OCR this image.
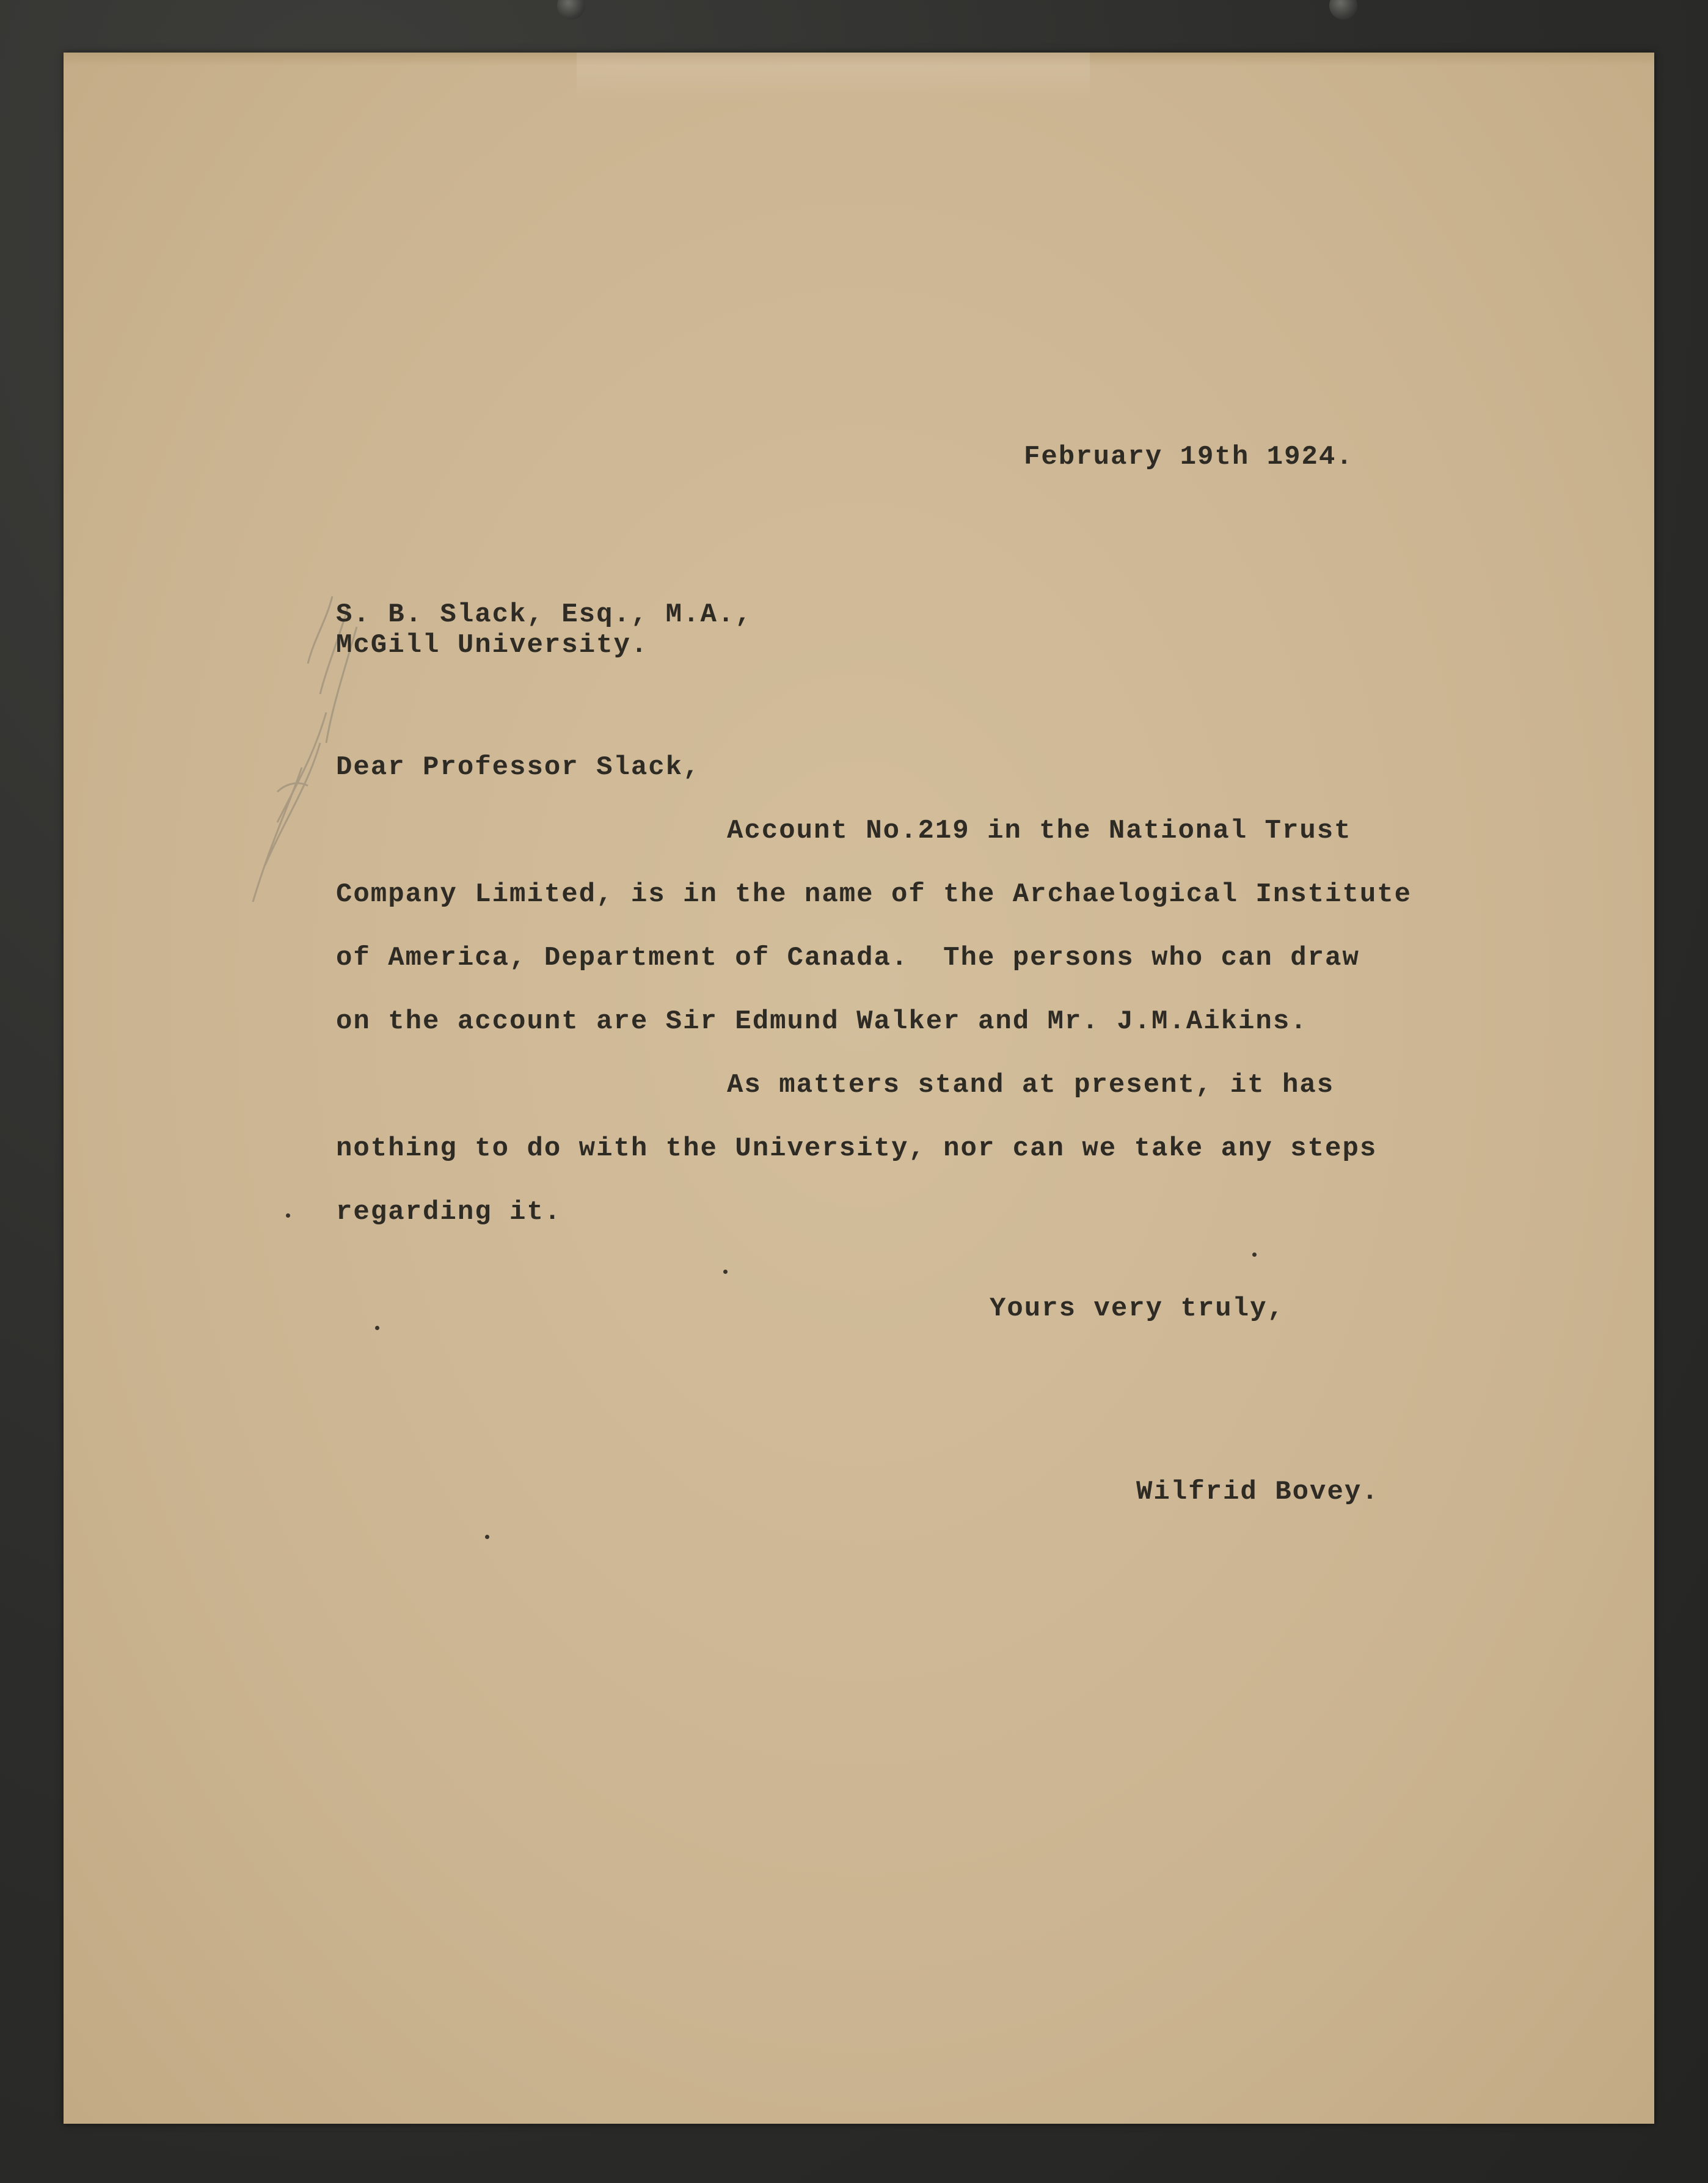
February 19th 1924.
S. B. Slack, Esq., M.A.,
McGill University.
Dear Professor Slack,
Account No.219 in the National Trust
Company Limited, is in the name of the Archaelogical Institute
of America, Department of Canada.  The persons who can draw
on the account are Sir Edmund Walker and Mr. J.M.Aikins.
As matters stand at present, it has
nothing to do with the University, nor can we take any steps
regarding it.
Yours very truly,
Wilfrid Bovey.
